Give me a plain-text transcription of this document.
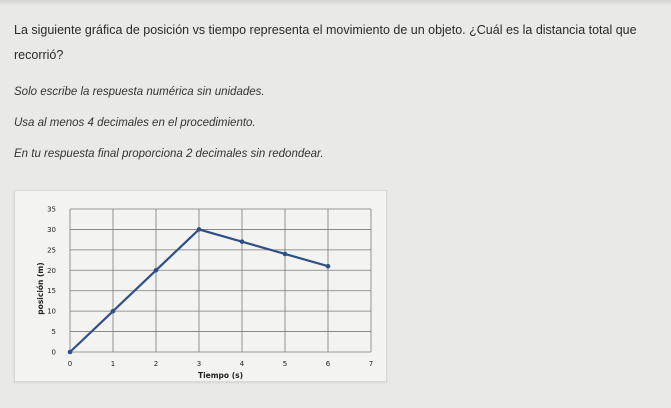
La siguiente gráfica de posición vs tiempo representa el movimiento de un objeto. ¿Cuál es la distancia total que recorrió?
Solo escribe la respuesta numérica sin unidades.
Usa al menos 4 decimales en el procedimiento.
En tu respuesta final proporciona 2 decimales sin redondear.
0
5
10
15
20
25
30
35
0	1	2	3	4	5	6	7
Tiempo (s)
posición (m)
